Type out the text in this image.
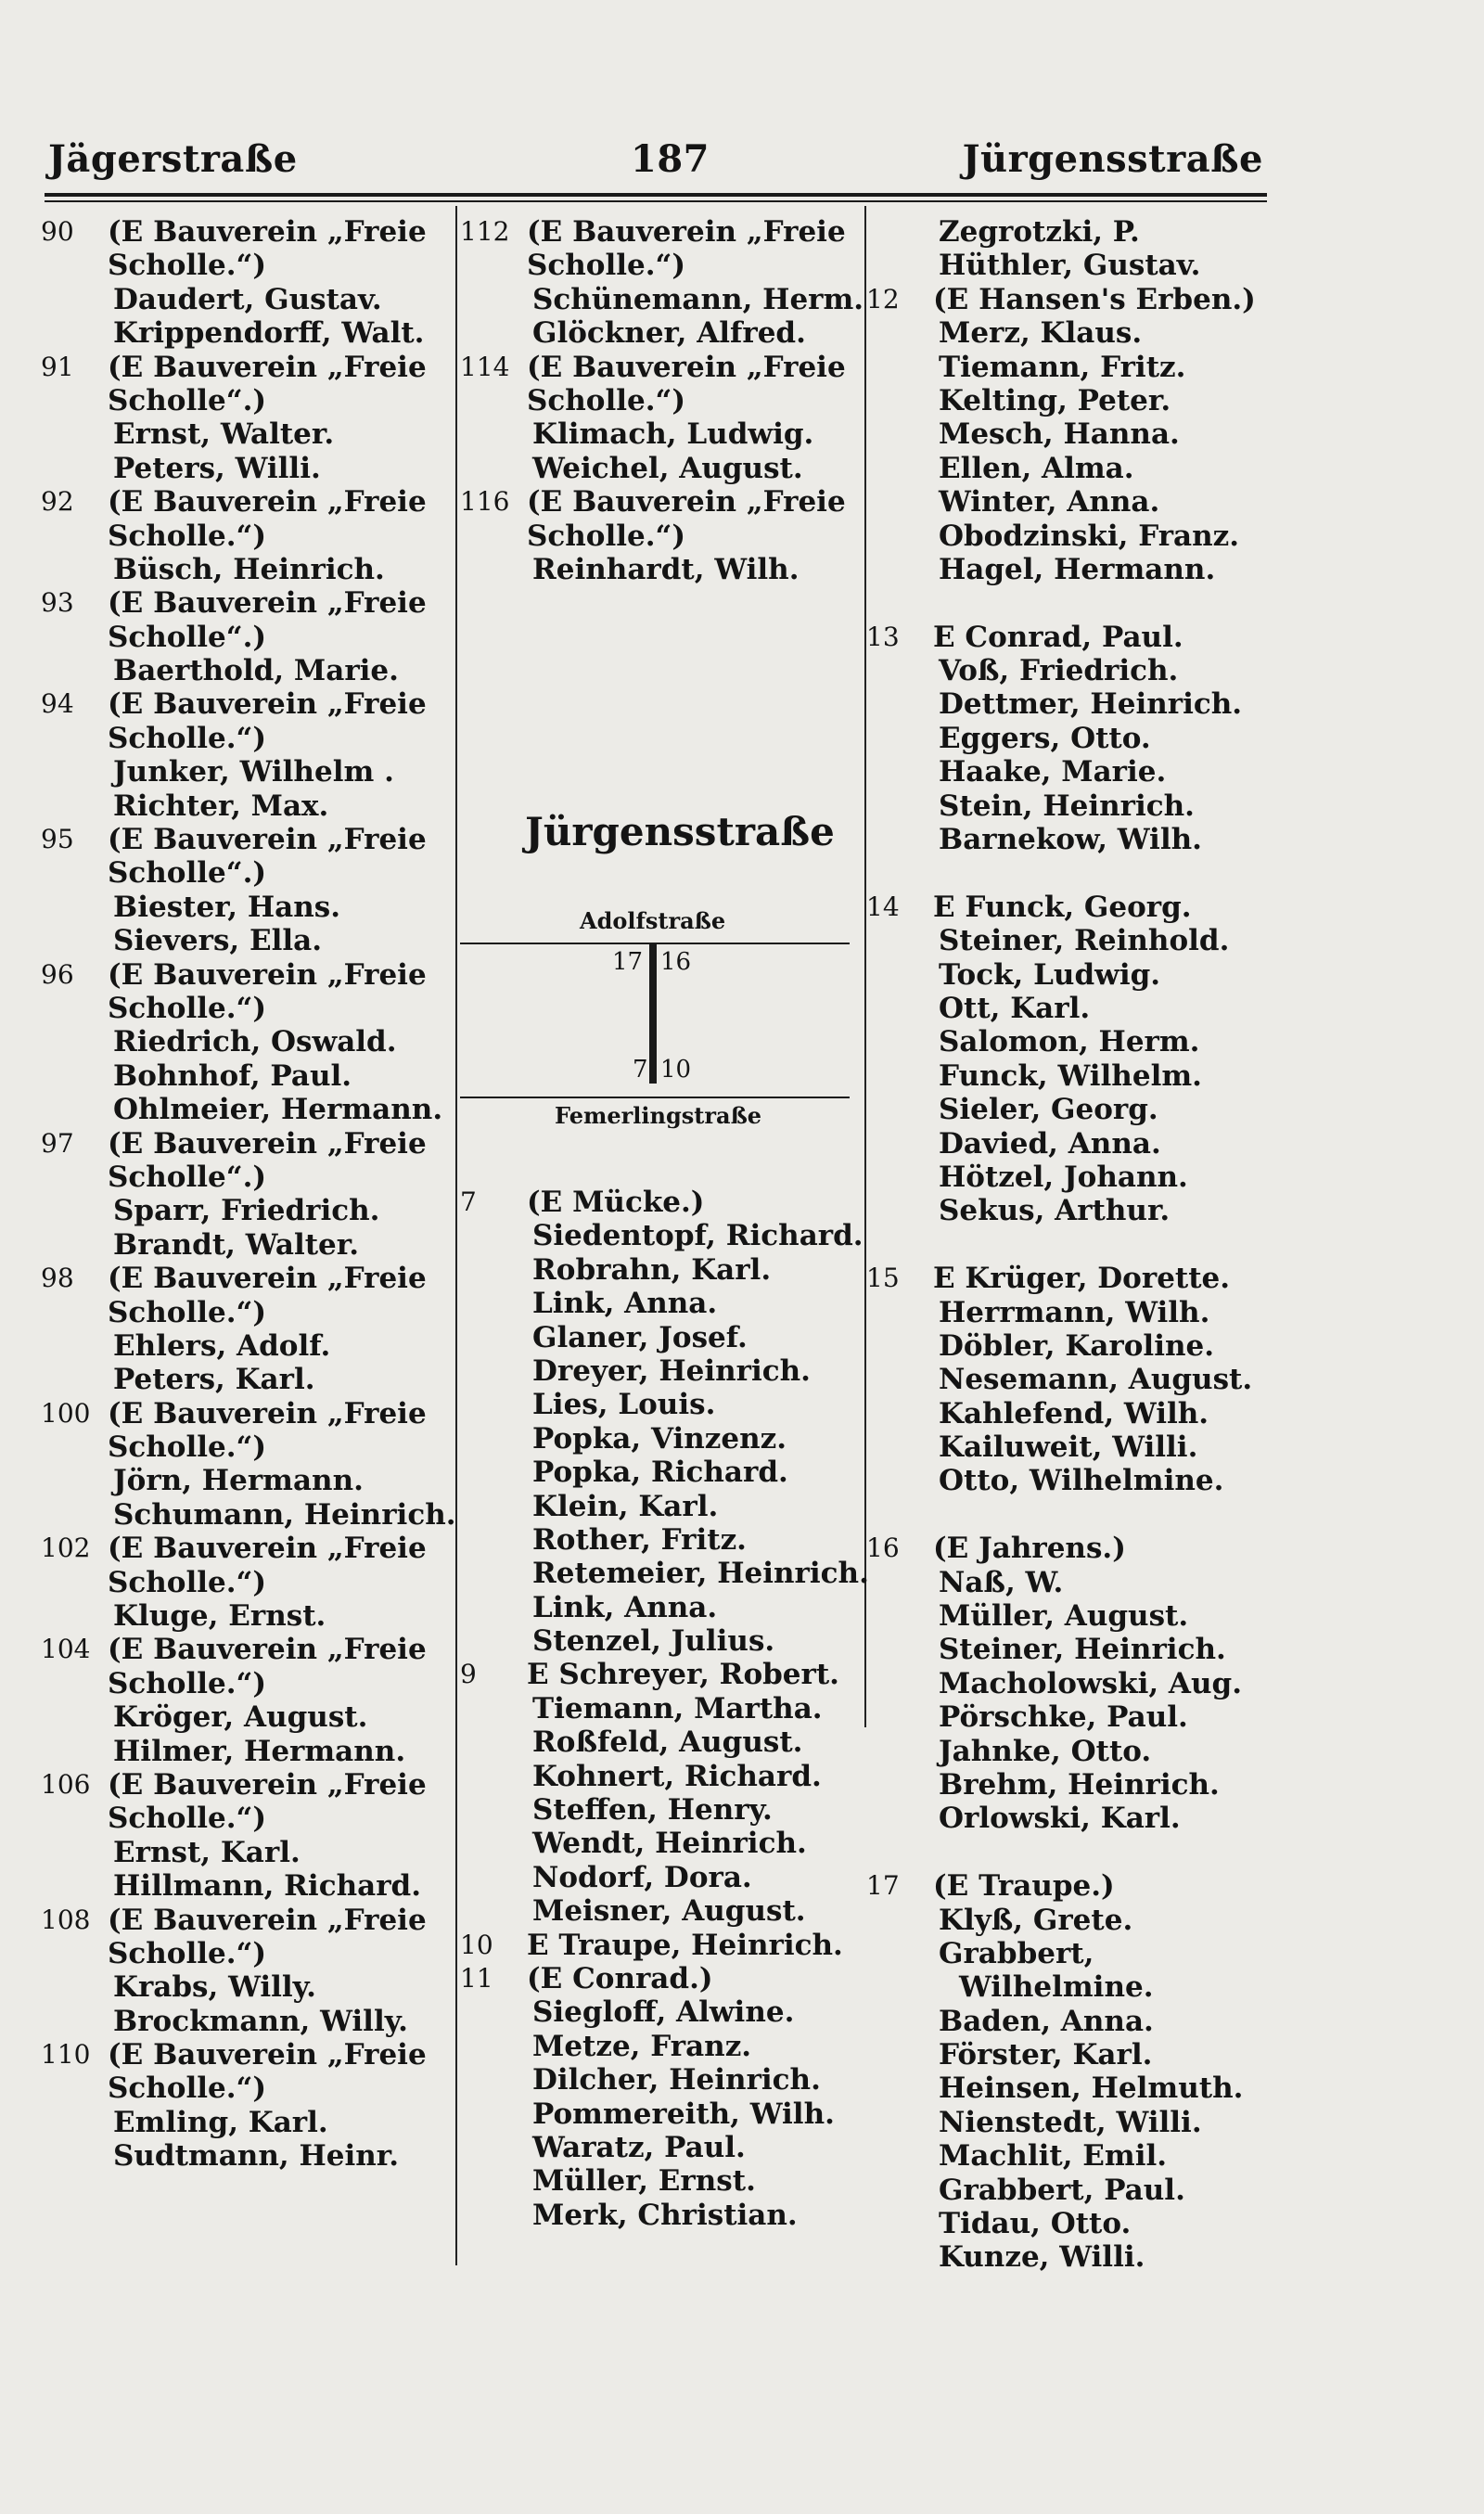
Jägerstraße	187	Jürgensstraße
90 (E Bauverein „Freie
Scholle.“)
Daudert, Gustav.
Krippendorff, Walt.
91 (E Bauverein „Freie
Scholle“.)
Ernst, Walter.
Peters, Willi.
92 (E Bauverein „Freie
Scholle.“)
Büsch, Heinrich.
93 (E Bauverein „Freie
Scholle“.)
Baerthold, Marie.
94 (E Bauverein „Freie
Scholle.“)
Junker, Wilhelm .
Richter, Max.
95 (E Bauverein „Freie
Scholle“.)
Biester, Hans.
Sievers, Ella.
96 (E Bauverein „Freie
Scholle.“)
Riedrich, Oswald.
Bohnhof, Paul.
Ohlmeier, Hermann.
97 (E Bauverein „Freie
Scholle“.)
Sparr, Friedrich.
Brandt, Walter.
98 (E Bauverein „Freie
Scholle.“)
Ehlers, Adolf.
Peters, Karl.
100 (E Bauverein „Freie
Scholle.“)
Jörn, Hermann.
Schumann, Heinrich.
102 (E Bauverein „Freie
Scholle.“)
Kluge, Ernst.
104 (E Bauverein „Freie
Scholle.“)
Kröger, August.
Hilmer, Hermann.
106 (E Bauverein „Freie
Scholle.“)
Ernst, Karl.
Hillmann, Richard.
108 (E Bauverein „Freie
Scholle.“)
Krabs, Willy.
Brockmann, Willy.
110 (E Bauverein „Freie
Scholle.“)
Emling, Karl.
Sudtmann, Heinr.
112 (E Bauverein „Freie
Scholle.“)
Schünemann, Herm.
Glöckner, Alfred.
114 (E Bauverein „Freie
Scholle.“)
Klimach, Ludwig.
Weichel, August.
116 (E Bauverein „Freie
Scholle.“)
Reinhardt, Wilh.
Jürgensstraße
Adolfstraße
17 16
7 10
Femerlingstraße
7 (E Mücke.)
Siedentopf, Richard.
Robrahn, Karl.
Link, Anna.
Glaner, Josef.
Dreyer, Heinrich.
Lies, Louis.
Popka, Vinzenz.
Popka, Richard.
Klein, Karl.
Rother, Fritz.
Retemeier, Heinrich.
Link, Anna.
Stenzel, Julius.
9 E Schreyer, Robert.
Tiemann, Martha.
Roßfeld, August.
Kohnert, Richard.
Steffen, Henry.
Wendt, Heinrich.
Nodorf, Dora.
Meisner, August.
10 E Traupe, Heinrich.
11 (E Conrad.)
Siegloff, Alwine.
Metze, Franz.
Dilcher, Heinrich.
Pommereith, Wilh.
Waratz, Paul.
Müller, Ernst.
Merk, Christian.
Zegrotzki, P.
Hüthler, Gustav.
12 (E Hansen's Erben.)
Merz, Klaus.
Tiemann, Fritz.
Kelting, Peter.
Mesch, Hanna.
Ellen, Alma.
Winter, Anna.
Obodzinski, Franz.
Hagel, Hermann.
13 E Conrad, Paul.
Voß, Friedrich.
Dettmer, Heinrich.
Eggers, Otto.
Haake, Marie.
Stein, Heinrich.
Barnekow, Wilh.
14 E Funck, Georg.
Steiner, Reinhold.
Tock, Ludwig.
Ott, Karl.
Salomon, Herm.
Funck, Wilhelm.
Sieler, Georg.
Davied, Anna.
Hötzel, Johann.
Sekus, Arthur.
15 E Krüger, Dorette.
Herrmann, Wilh.
Döbler, Karoline.
Nesemann, August.
Kahlefend, Wilh.
Kailuweit, Willi.
Otto, Wilhelmine.
16 (E Jahrens.)
Naß, W.
Müller, August.
Steiner, Heinrich.
Macholowski, Aug.
Pörschke, Paul.
Jahnke, Otto.
Brehm, Heinrich.
Orlowski, Karl.
17 (E Traupe.)
Klyß, Grete.
Grabbert,
Wilhelmine.
Baden, Anna.
Förster, Karl.
Heinsen, Helmuth.
Nienstedt, Willi.
Machlit, Emil.
Grabbert, Paul.
Tidau, Otto.
Kunze, Willi.
